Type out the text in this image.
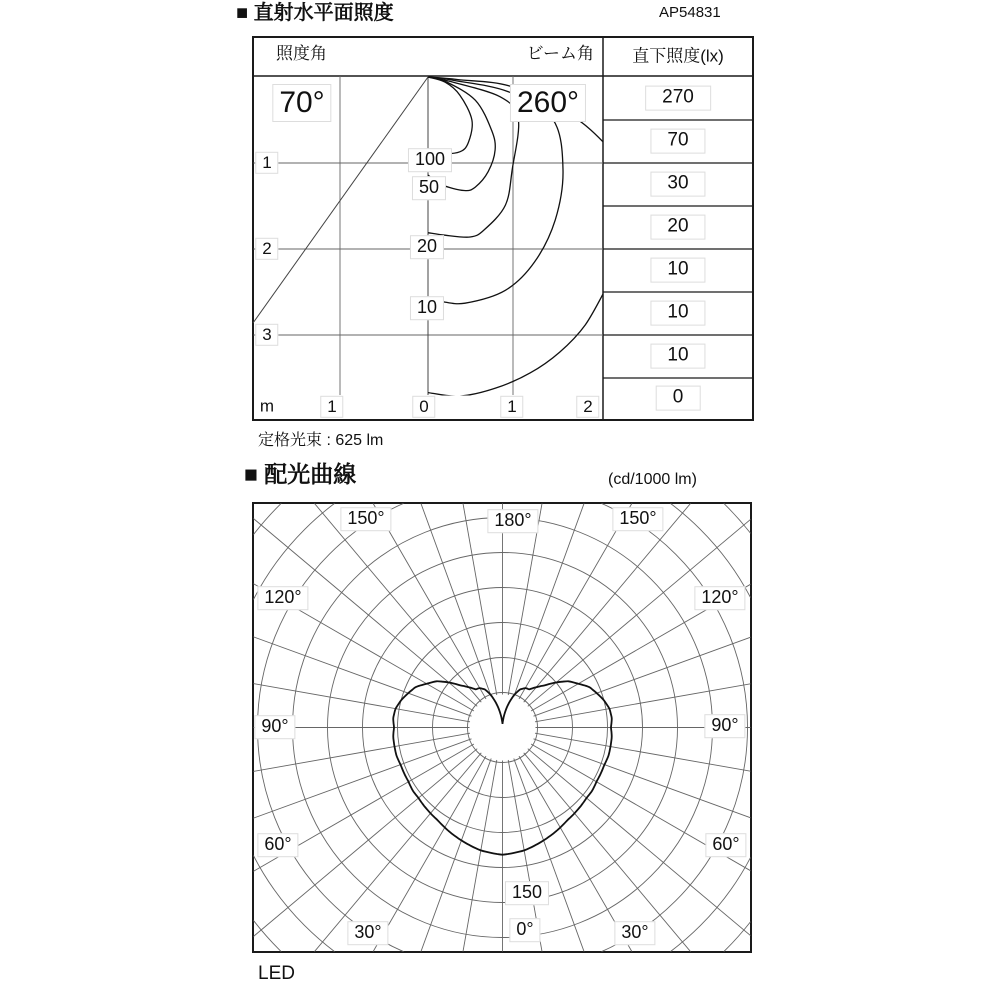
■ 直射水平面照度	AP54831
照度角	ビーム角 直下照度(lx)
70°	260°
100
50
20
10
1
2
3
m	1	0	1	2
270
70
30
20
10
10
10
0
定格光束 : 625 lm
■ 配光曲線	(cd/1000 lm)
180°
150°	150°
120°	120°
90°	90°
60°	60°
30°	30°
0°
150
LED
